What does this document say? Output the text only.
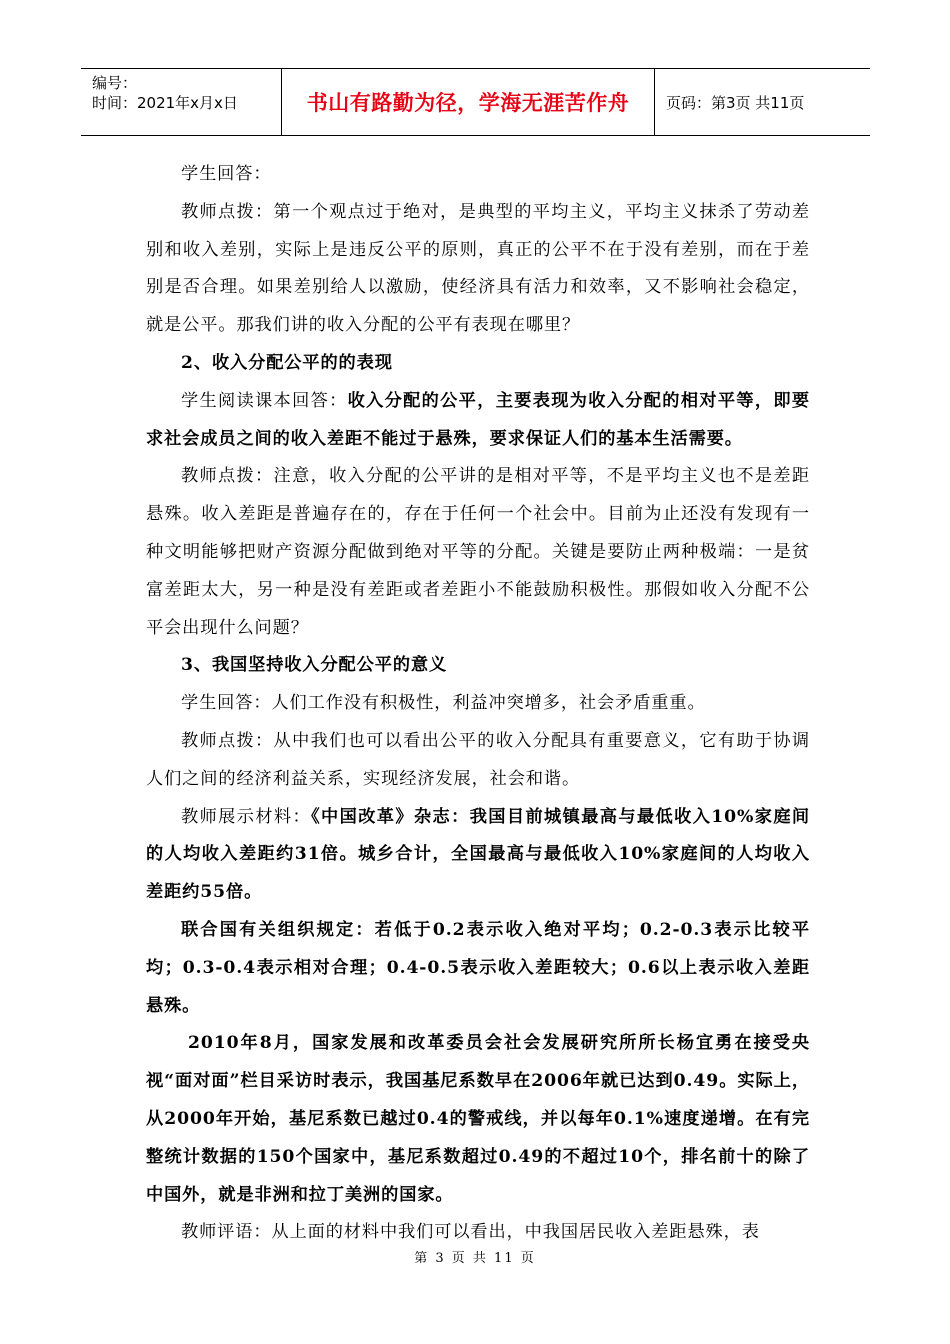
编号：
时间：2021年x月x日	书山有路勤为径，学海无涯苦作舟 页码：第3页 共11页

学生回答：

教师点拨：第一个观点过于绝对，是典型的平均主义，平均主义抹杀了劳动差别和收入差别，实际上是违反公平的原则，真正的公平不在于没有差别，而在于差别是否合理。如果差别给人以激励，使经济具有活力和效率，又不影响社会稳定，就是公平。那我们讲的收入分配的公平有表现在哪里？

2、收入分配公平的的表现

学生阅读课本回答：收入分配的公平，主要表现为收入分配的相对平等，即要求社会成员之间的收入差距不能过于悬殊，要求保证人们的基本生活需要。

教师点拨：注意，收入分配的公平讲的是相对平等，不是平均主义也不是差距悬殊。收入差距是普遍存在的，存在于任何一个社会中。目前为止还没有发现有一种文明能够把财产资源分配做到绝对平等的分配。关键是要防止两种极端：一是贫富差距太大，另一种是没有差距或者差距小不能鼓励积极性。那假如收入分配不公平会出现什么问题？

3、我国坚持收入分配公平的意义

学生回答：人们工作没有积极性，利益冲突增多，社会矛盾重重。

教师点拨：从中我们也可以看出公平的收入分配具有重要意义，它有助于协调人们之间的经济利益关系，实现经济发展，社会和谐。

教师展示材料：《中国改革》杂志：我国目前城镇最高与最低收入10%家庭间的人均收入差距约31倍。城乡合计，全国最高与最低收入10%家庭间的人均收入差距约55倍。

联合国有关组织规定：若低于0.2表示收入绝对平均；0.2-0.3表示比较平均；0.3-0.4表示相对合理；0.4-0.5表示收入差距较大；0.6以上表示收入差距悬殊。

2010年8月，国家发展和改革委员会社会发展研究所所长杨宜勇在接受央视“面对面”栏目采访时表示，我国基尼系数早在2006年就已达到0.49。实际上，从2000年开始，基尼系数已越过0.4的警戒线，并以每年0.1%速度递增。在有完整统计数据的150个国家中，基尼系数超过0.49的不超过10个，排名前十的除了中国外，就是非洲和拉丁美洲的国家。

教师评语：从上面的材料中我们可以看出，中我国居民收入差距悬殊，表

第 3 页 共 11 页
